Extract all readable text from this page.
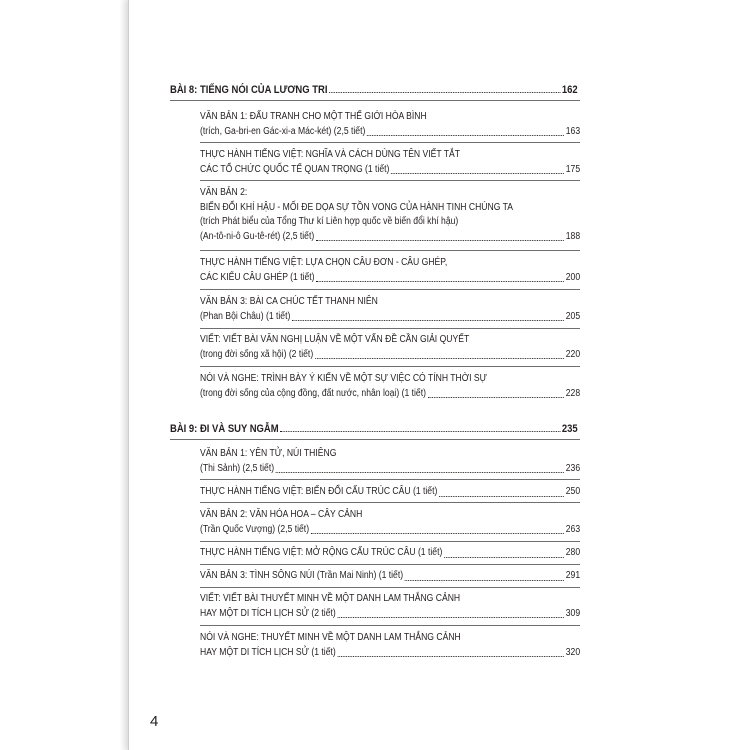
BÀI 8: TIẾNG NÓI CỦA LƯƠNG TRI	162
VĂN BẢN 1: ĐẤU TRANH CHO MỘT THẾ GIỚI HÒA BÌNH
(trích, Ga-bri-en Gác-xi-a Mác-két) (2,5 tiết)	163
THỰC HÀNH TIẾNG VIỆT: NGHĨA VÀ CÁCH DÙNG TÊN VIẾT TẮT
CÁC TỔ CHỨC QUỐC TẾ QUAN TRỌNG (1 tiết)	175
VĂN BẢN 2:
BIẾN ĐỔI KHÍ HẬU - MỐI ĐE DỌA SỰ TỒN VONG CỦA HÀNH TINH CHÚNG TA
(trích Phát biểu của Tổng Thư kí Liên hợp quốc về biến đổi khí hậu)
(An-tô-ni-ô Gu-tê-rét) (2,5 tiết)	188
THỰC HÀNH TIẾNG VIỆT: LỰA CHỌN CÂU ĐƠN - CÂU GHÉP,
CÁC KIỂU CÂU GHÉP (1 tiết)	200
VĂN BẢN 3: BÀI CA CHÚC TẾT THANH NIÊN
(Phan Bội Châu) (1 tiết)	205
VIẾT: VIẾT BÀI VĂN NGHỊ LUẬN VỀ MỘT VẤN ĐỀ CẦN GIẢI QUYẾT
(trong đời sống xã hội) (2 tiết)	220
NÓI VÀ NGHE: TRÌNH BÀY Ý KIẾN VỀ MỘT SỰ VIỆC CÓ TÍNH THỜI SỰ
(trong đời sống của cộng đồng, đất nước, nhân loại) (1 tiết)	228
BÀI 9: ĐI VÀ SUY NGẪM	235
VĂN BẢN 1: YÊN TỬ, NÚI THIÊNG
(Thi Sảnh) (2,5 tiết)	236
THỰC HÀNH TIẾNG VIỆT: BIẾN ĐỔI CẤU TRÚC CÂU (1 tiết)	250
VĂN BẢN 2: VĂN HÓA HOA – CÂY CẢNH
(Trần Quốc Vượng) (2,5 tiết)	263
THỰC HÀNH TIẾNG VIỆT: MỞ RỘNG CẤU TRÚC CÂU (1 tiết)	280
VĂN BẢN 3: TÌNH SÔNG NÚI (Trần Mai Ninh) (1 tiết)	291
VIẾT: VIẾT BÀI THUYẾT MINH VỀ MỘT DANH LAM THẮNG CẢNH
HAY MỘT DI TÍCH LỊCH SỬ (2 tiết)	309
NÓI VÀ NGHE: THUYẾT MINH VỀ MỘT DANH LAM THẮNG CẢNH
HAY MỘT DI TÍCH LỊCH SỬ (1 tiết)	320
4
